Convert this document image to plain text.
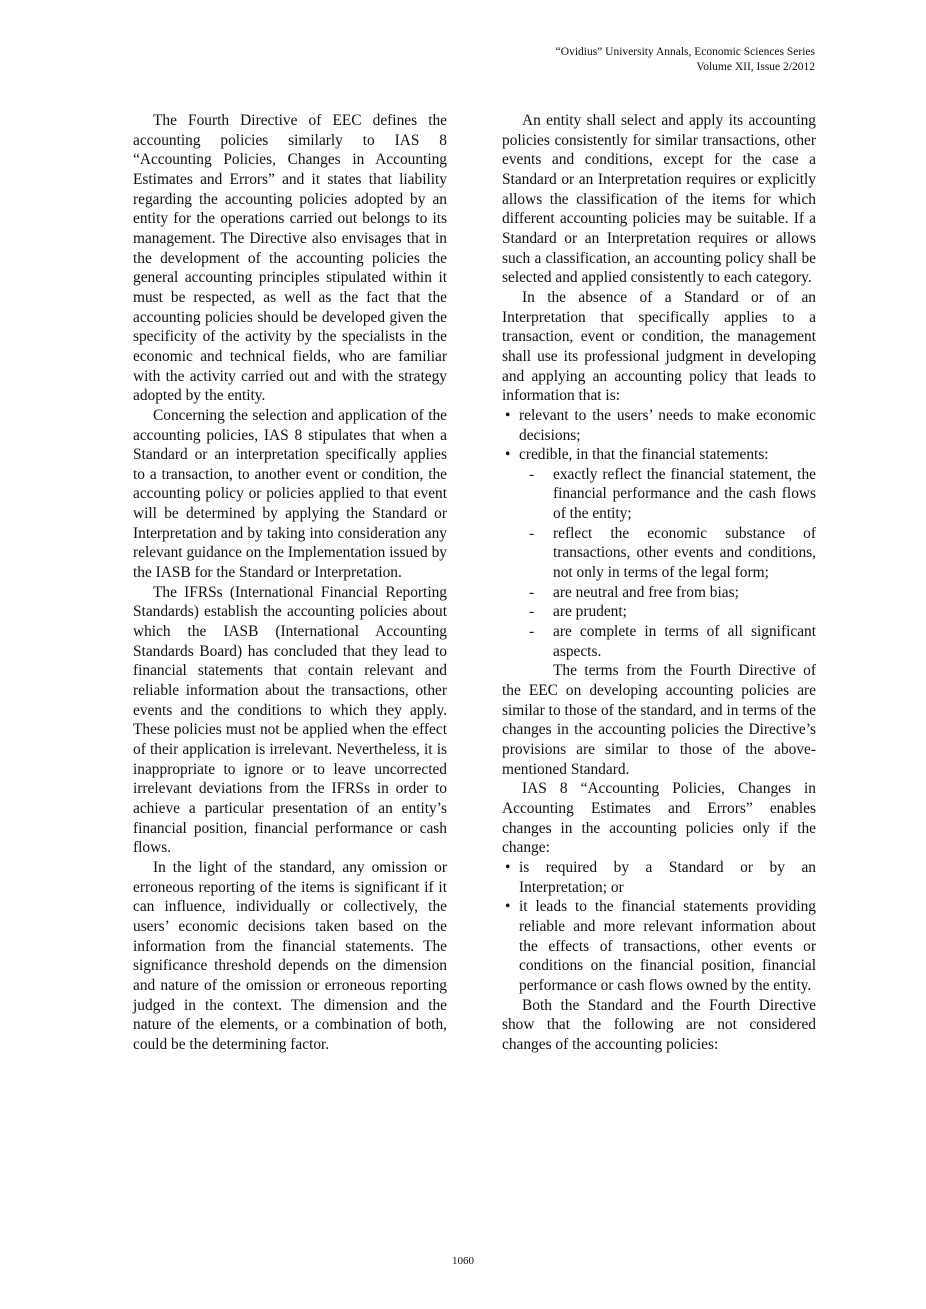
“Ovidius” University Annals, Economic Sciences Series
Volume XII, Issue 2/2012

The Fourth Directive of EEC defines the accounting policies similarly to IAS 8 “Accounting Policies, Changes in Accounting Estimates and Errors” and it states that liability regarding the accounting policies adopted by an entity for the operations carried out belongs to its management. The Directive also envisages that in the development of the accounting policies the general accounting principles stipulated within it must be respected, as well as the fact that the accounting policies should be developed given the specificity of the activity by the specialists in the economic and technical fields, who are familiar with the activity carried out and with the strategy adopted by the entity.

Concerning the selection and application of the accounting policies, IAS 8 stipulates that when a Standard or an interpretation specifically applies to a transaction, to another event or condition, the accounting policy or policies applied to that event will be determined by applying the Standard or Interpretation and by taking into consideration any relevant guidance on the Implementation issued by the IASB for the Standard or Interpretation.

The IFRSs (International Financial Reporting Standards) establish the accounting policies about which the IASB (International Accounting Standards Board) has concluded that they lead to financial statements that contain relevant and reliable information about the transactions, other events and the conditions to which they apply. These policies must not be applied when the effect of their application is irrelevant. Nevertheless, it is inappropriate to ignore or to leave uncorrected irrelevant deviations from the IFRSs in order to achieve a particular presentation of an entity’s financial position, financial performance or cash flows.

In the light of the standard, any omission or erroneous reporting of the items is significant if it can influence, individually or collectively, the users’ economic decisions taken based on the information from the financial statements. The significance threshold depends on the dimension and nature of the omission or erroneous reporting judged in the context. The dimension and the nature of the elements, or a combination of both, could be the determining factor.

An entity shall select and apply its accounting policies consistently for similar transactions, other events and conditions, except for the case a Standard or an Interpretation requires or explicitly allows the classification of the items for which different accounting policies may be suitable. If a Standard or an Interpretation requires or allows such a classification, an accounting policy shall be selected and applied consistently to each category.

In the absence of a Standard or of an Interpretation that specifically applies to a transaction, event or condition, the management shall use its professional judgment in developing and applying an accounting policy that leads to information that is:

• relevant to the users’ needs to make economic decisions;
• credible, in that the financial statements:
- exactly reflect the financial statement, the financial performance and the cash flows of the entity;
- reflect the economic substance of transactions, other events and conditions, not only in terms of the legal form;
- are neutral and free from bias;
- are prudent;
- are complete in terms of all significant aspects.

The terms from the Fourth Directive of the EEC on developing accounting policies are similar to those of the standard, and in terms of the changes in the accounting policies the Directive’s provisions are similar to those of the above-mentioned Standard.

IAS 8 “Accounting Policies, Changes in Accounting Estimates and Errors” enables changes in the accounting policies only if the change:

• is required by a Standard or by an Interpretation; or
• it leads to the financial statements providing reliable and more relevant information about the effects of transactions, other events or conditions on the financial position, financial performance or cash flows owned by the entity.

Both the Standard and the Fourth Directive show that the following are not considered changes of the accounting policies:

1060
